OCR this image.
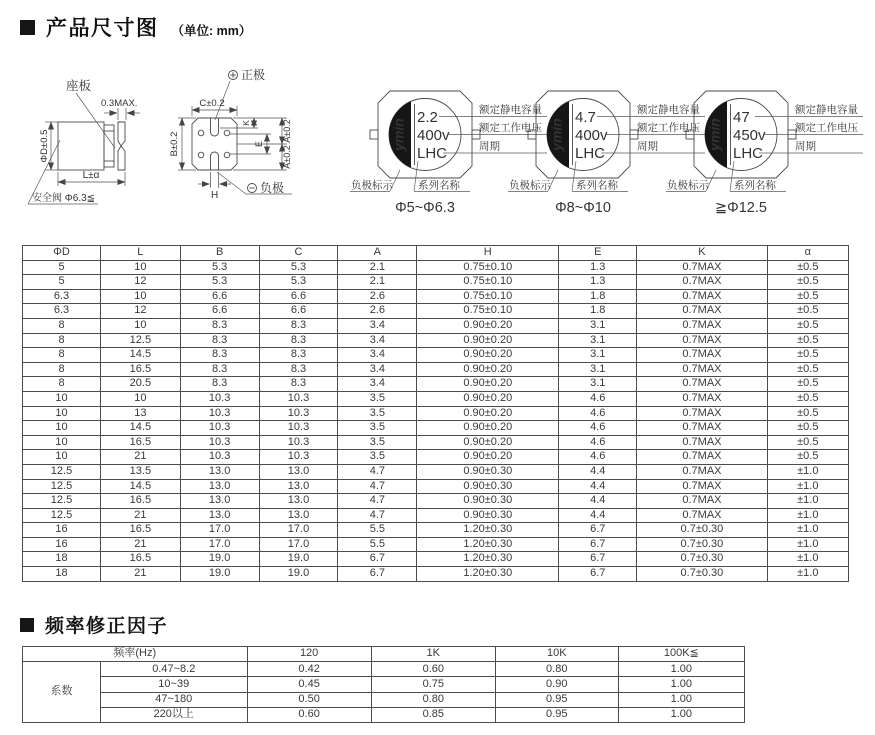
产品尺寸图 （单位: mm）
座板
0.3MAX.
ΦD±0.5
L±α
安全阀 Φ6.3≦
正极
C±0.2
B±0.2
K
E
A±0.2
A±0.2
H
负极
ymin
2.2
400v
LHC
额定静电容量
额定工作电压
周期
负极标示 系列名称
Φ5~Φ6.3
ymin
4.7
400v
LHC
额定静电容量
额定工作电压
周期
负极标示 系列名称
Φ8~Φ10
ymin
47
450v
LHC
额定静电容量
额定工作电压
周期
负极标示 系列名称
≧Φ12.5
ΦD	L	B	C	A	H	E	K	α
5	10	5.3	5.3	2.1	0.75±0.10	1.3	0.7MAX	±0.5
5	12	5.3	5.3	2.1	0.75±0.10	1.3	0.7MAX	±0.5
6.3	10	6.6	6.6	2.6	0.75±0.10	1.8	0.7MAX	±0.5
6.3	12	6.6	6.6	2.6	0.75±0.10	1.8	0.7MAX	±0.5
8	10	8.3	8.3	3.4	0.90±0.20	3.1	0.7MAX	±0.5
8	12.5	8.3	8.3	3.4	0.90±0.20	3.1	0.7MAX	±0.5
8	14.5	8.3	8.3	3.4	0.90±0.20	3.1	0.7MAX	±0.5
8	16.5	8.3	8.3	3.4	0.90±0.20	3.1	0.7MAX	±0.5
8	20.5	8.3	8.3	3.4	0.90±0.20	3.1	0.7MAX	±0.5
10	10	10.3	10.3	3.5	0.90±0.20	4.6	0.7MAX	±0.5
10	13	10.3	10.3	3.5	0.90±0.20	4.6	0.7MAX	±0.5
10	14.5	10.3	10.3	3.5	0.90±0.20	4.6	0.7MAX	±0.5
10	16.5	10.3	10.3	3.5	0.90±0.20	4.6	0.7MAX	±0.5
10	21	10.3	10.3	3.5	0.90±0.20	4.6	0.7MAX	±0.5
12.5	13.5	13.0	13.0	4.7	0.90±0.30	4.4	0.7MAX	±1.0
12.5	14.5	13.0	13.0	4.7	0.90±0.30	4.4	0.7MAX	±1.0
12.5	16.5	13.0	13.0	4.7	0.90±0.30	4.4	0.7MAX	±1.0
12.5	21	13.0	13.0	4.7	0.90±0.30	4.4	0.7MAX	±1.0
16	16.5	17.0	17.0	5.5	1.20±0.30	6.7	0.7±0.30	±1.0
16	21	17.0	17.0	5.5	1.20±0.30	6.7	0.7±0.30	±1.0
18	16.5	19.0	19.0	6.7	1.20±0.30	6.7	0.7±0.30	±1.0
18	21	19.0	19.0	6.7	1.20±0.30	6.7	0.7±0.30	±1.0
频率修正因子
频率(Hz)		120	1K	10K	100K≦
系数	0.47~8.2	0.42	0.60	0.80	1.00
	10~39	0.45	0.75	0.90	1.00
	47~180	0.50	0.80	0.95	1.00
	220以上	0.60	0.85	0.95	1.00
